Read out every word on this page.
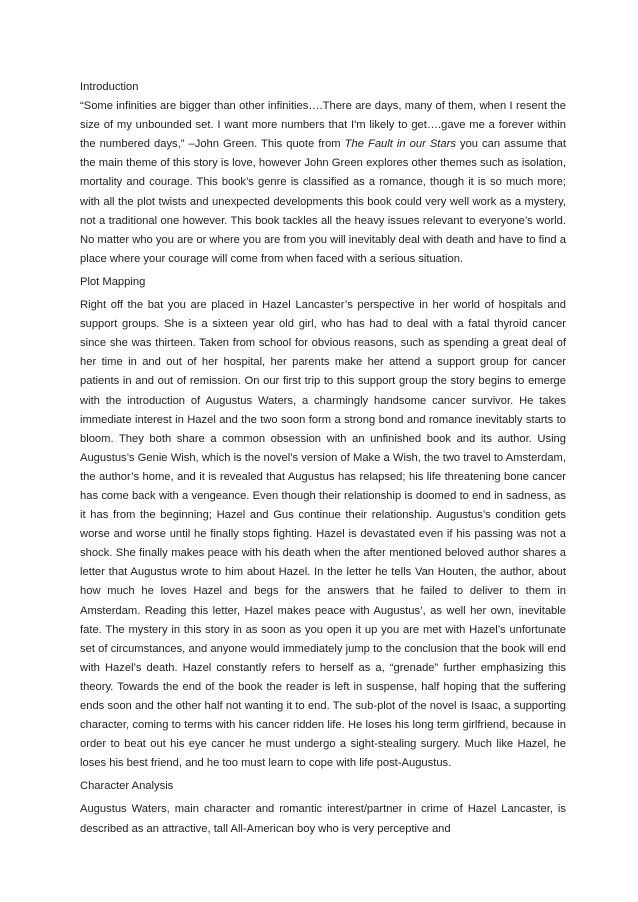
Introduction

“Some infinities are bigger than other infinities….There are days, many of them, when I resent the size of my unbounded set. I want more numbers that I'm likely to get….gave me a forever within the numbered days,” –John Green. This quote from The Fault in our Stars you can assume that the main theme of this story is love, however John Green explores other themes such as isolation, mortality and courage. This book’s genre is classified as a romance, though it is so much more; with all the plot twists and unexpected developments this book could very well work as a mystery, not a traditional one however. This book tackles all the heavy issues relevant to everyone’s world. No matter who you are or where you are from you will inevitably deal with death and have to find a place where your courage will come from when faced with a serious situation.

Plot Mapping

Right off the bat you are placed in Hazel Lancaster’s perspective in her world of hospitals and support groups. She is a sixteen year old girl, who has had to deal with a fatal thyroid cancer since she was thirteen. Taken from school for obvious reasons, such as spending a great deal of her time in and out of her hospital, her parents make her attend a support group for cancer patients in and out of remission. On our first trip to this support group the story begins to emerge with the introduction of Augustus Waters, a charmingly handsome cancer survivor. He takes immediate interest in Hazel and the two soon form a strong bond and romance inevitably starts to bloom. They both share a common obsession with an unfinished book and its author. Using Augustus’s Genie Wish, which is the novel’s version of Make a Wish, the two travel to Amsterdam, the author’s home, and it is revealed that Augustus has relapsed; his life threatening bone cancer has come back with a vengeance. Even though their relationship is doomed to end in sadness, as it has from the beginning; Hazel and Gus continue their relationship. Augustus’s condition gets worse and worse until he finally stops fighting. Hazel is devastated even if his passing was not a shock. She finally makes peace with his death when the after mentioned beloved author shares a letter that Augustus wrote to him about Hazel. In the letter he tells Van Houten, the author, about how much he loves Hazel and begs for the answers that he failed to deliver to them in Amsterdam. Reading this letter, Hazel makes peace with Augustus’, as well her own, inevitable fate. The mystery in this story in as soon as you open it up you are met with Hazel’s unfortunate set of circumstances, and anyone would immediately jump to the conclusion that the book will end with Hazel’s death. Hazel constantly refers to herself as a, “grenade” further emphasizing this theory. Towards the end of the book the reader is left in suspense, half hoping that the suffering ends soon and the other half not wanting it to end. The sub-plot of the novel is Isaac, a supporting character, coming to terms with his cancer ridden life. He loses his long term girlfriend, because in order to beat out his eye cancer he must undergo a sight-stealing surgery. Much like Hazel, he loses his best friend, and he too must learn to cope with life post-Augustus.

Character Analysis

Augustus Waters, main character and romantic interest/partner in crime of Hazel Lancaster, is described as an attractive, tall All-American boy who is very perceptive and
